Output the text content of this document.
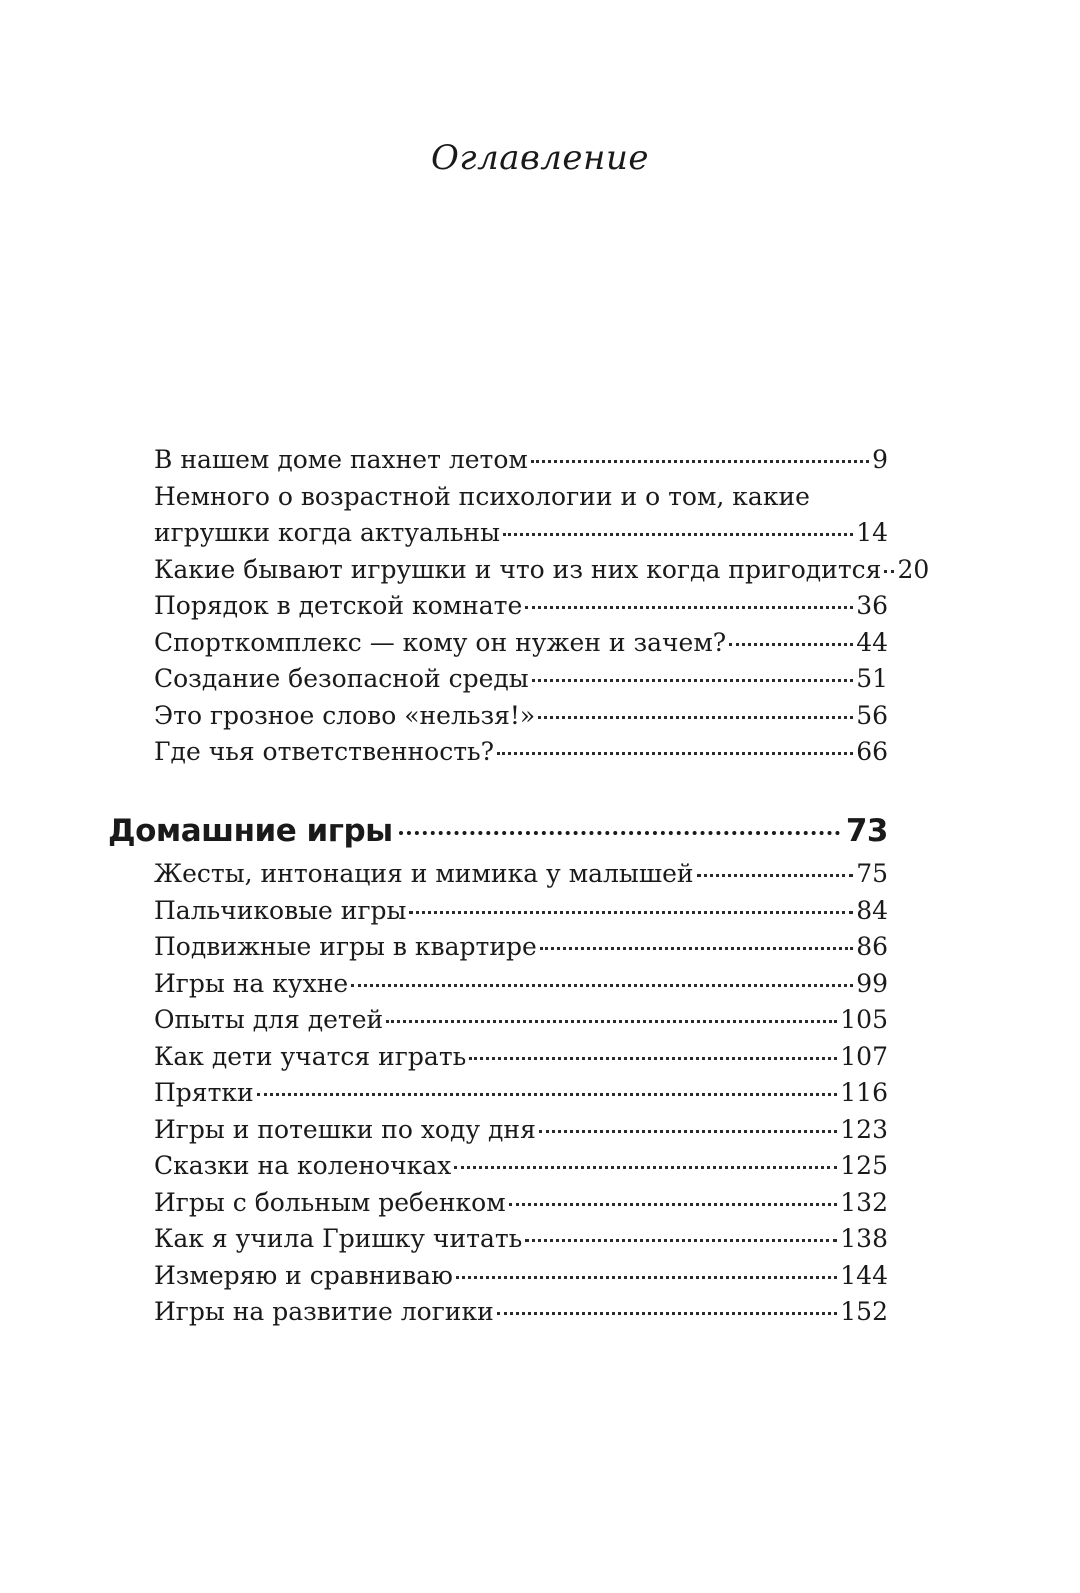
Оглавление
В нашем доме пахнет летом	9
Немного о возрастной психологии и о том, какие
игрушки когда актуальны	14
Какие бывают игрушки и что из них когда пригодится 20
Порядок в детской комнате	36
Спорткомплекс — кому он нужен и зачем?	44
Создание безопасной среды	51
Это грозное слово «нельзя!»	56
Где чья ответственность?	66
Домашние игры	73
Жесты, интонация и мимика у малышей	75
Пальчиковые игры	84
Подвижные игры в квартире	86
Игры на кухне	99
Опыты для детей	105
Как дети учатся играть	107
Прятки	116
Игры и потешки по ходу дня	123
Сказки на коленочках	125
Игры с больным ребенком	132
Как я учила Гришку читать	138
Измеряю и сравниваю	144
Игры на развитие логики	152
